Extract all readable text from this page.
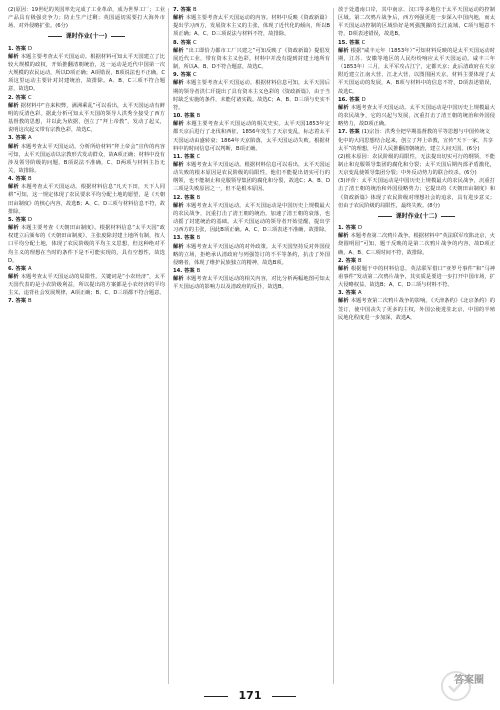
(2)原因：19世纪的英国率先完成了工业革命，成为世界工厂；工业产品具有极强竞争力；防止生产过剩；英国逼切需要打大海外市场，对外侵略扩张。(6分)

课时作业(十一)

1. 答案 D

解析 本题主要考查太平天国运动。根据材料可知太平天国建立了比较大规模的政权，开始推翻清朝统治，这一运动是近代中国第一次大规模的农民运动，所以D项正确；A项错误，B项说法也不正确，C项这里运动主要针对封建统治，故排除。A、B、C三项不符合题意，故选D。

2. 答案 C

解析 据材料中“自来积弊，满洲乘乱”可以看出，太平天国运动有鲜明的反清色彩。据此分析可知太平天国的领导人洪秀全接受了西方基督教的思想，并以此为依据，创立了“拜上帝教”，发动了起义，说明这次起义带有宗教色彩，故选C。

3. 答案 A

解析 本题考查太平天国运动。分析所给材料“拜上帝会”宣传的内容可知，太平天国运动以宗教形式发动群众，故A项正确；材料中没有涉及领导阶级的问题，B项说法不准确，C、D两项与材料主旨无关，故排除。

4. 答案 B

解析 本题考查太平天国运动。根据材料信息“凡天下田，天下人同耕”可知，这一规定体现了农民要求平均分配土地的愿望，是《天朝田亩制度》的核心内容，故选B；A、C、D三项与材料信息不符，故排除。

5. 答案 D

解析 本题主要考查《天朝田亩制度》。根据材料信息“太平天国”政权建立后颁布的《天朝田亩制度》，主张废除封建土地所有制，按人口平均分配土地，体现了农民阶级的平均主义思想，但这种绝对平均主义的理想在当时的条件下是不可能实现的，具有空想性，故选D。

6. 答案 A

解析 本题考查太平天国运动的局限性。关键词是“小农经济”，太平天国代表的是小农阶级利益，所以提出的方案都是小农经济的平均主义，违背社会发展规律，A项正确；B、C、D三项都不符合题意。

7. 答案 B

7. 答案 B

解析 本题主要考查太平天国运动的内容。材料中反映《资政新篇》提出学习西方，发展资本主义的主张，体现了近代化的倾向，所以B项正确；A、C、D三项说法与材料不符，故排除。

8. 答案 C

解析 “出工即恰力都市工厂兴建之”可知反映了《资政新篇》提倡发展近代工业，带有资本主义色彩。材料中并没有提到封建土地所有制，所以A、B、D不符合题意，故选C。

9. 答案 C

解析 本题主要考查太平天国运动。根据材料信息可知，太平天国后期的领导者洪仁玕提出了具有资本主义色彩的《资政新篇》，由于当时缺乏实施的条件，未能付诸实践。故选C；A、B、D三项与史实不符。

10. 答案 B

解析 本题主要考查太平天国运动的相关史实。太平天国1853年定都天京后进行了北伐和西征，1856年发生了天京变乱，标志着太平天国运动由盛转衰；1864年天京陷落，太平天国运动失败。根据材料中的时间信息可以判断，B项正确。

11. 答案 C

解析 本题考查太平天国运动。根据材料信息可以看出，太平天国运动失败的根本原因是农民阶级的局限性，他们不能提出切实可行的纲领，也不能制止和克服领导集团的腐化和分裂，故选C；A、B、D三项是失败原因之一，但不是根本原因。

12. 答案 B

解析 本题考查太平天国运动。太平天国运动是中国历史上规模最大的农民战争，沉重打击了清王朝的统治，加速了清王朝的衰落，也动摇了封建统治的基础。太平天国运动的领导者开始觉醒，提出学习西方的主张，因此B项正确。A、C、D三项表述不准确，故排除。

13. 答案 B

解析 本题考查太平天国运动的对外政策。太平天国坚持反对外国侵略的立场，拒绝承认清政府与列强签订的不平等条约，抗击了外国侵略者，体现了维护民族独立的精神，故选B项。

14. 答案 B

解析 本题考查太平天国运动的相关内容，对比分析两幅地图可知太平天国运动的影响力以及清政府的反扑，故选B。

放于处遗南口岸，其中南京、汉口等多地位于太平天国运动的控制区域。第二次鸦片战争后，西方列强更进一步深入中国内地，而太平天国运动控制的区域恰好是列强觊觎的长江流域，C项与题意不符，D项表述错误，故选B。

15. 答案 C

解析 根据“咸丰元年（1853年）”可知材料反映的是太平天国运动时期，江苏、安徽等地区的人民纷纷响应太平天国运动。咸丰三年（1853年）三月，太平军攻占江宁，定都天京；此后清政府在天京附近建立江南大营、江北大营，以图围困天京。材料主要体现了太平天国运动的发展，A、B项与材料中的信息不符，D项表述错误，故选C。

16. 答案 D

解析 本题考查太平天国运动。太平天国运动是中国历史上规模最大的农民战争，它的兴起与发展，沉重打击了清王朝的统治和外国侵略势力，故D项正确。

17. 答案 (1)宗旨：洪秀全把早期基督教的平等思想与中国传统文化中的大同思想结合起来，创立了拜上帝教，宣传“天下一家，共享太平”的理想，号召人民推翻清朝统治，建立人间天国。(6分)

(2)根本原因：农民阶级的局限性，无法提出切实可行的纲领，不能制止和克服领导集团的腐化和分裂；太平天国后期内部矛盾激化，天京变乱使领导集团分裂；中外反动势力的联合绞杀。(6分)

(3)评价：太平天国运动是中国历史上规模最大的农民战争，沉重打击了清王朝的统治和外国侵略势力；它提出的《天朝田亩制度》和《资政新篇》体现了农民阶级对理想社会的追求，具有进步意义；但由于农民阶级的局限性，最终失败。(8分)

课时作业(十二)

1. 答案 D

解析 本题考查第二次鸦片战争。根据材料中“英法联军攻陷北京，火烧圆明园”可知，题干反映的是第二次鸦片战争的内容，故D项正确，A、B、C三项时间不符，故排除。

2. 答案 B

解析 根据题干中的材料信息，英法联军借口“亚罗号事件”和“马神甫事件”发动第二次鸦片战争，其实质是要进一步打开中国市场，扩大侵略权益，故选B；A、C、D三项与材料不符。

3. 答案 A

解析 本题考查第二次鸦片战争的影响。《天津条约》《北京条约》的签订，使中国丧失了更多的主权，外国公使进驻北京，中国的半殖民地化程度进一步加深，故选A。

171
答案圈
